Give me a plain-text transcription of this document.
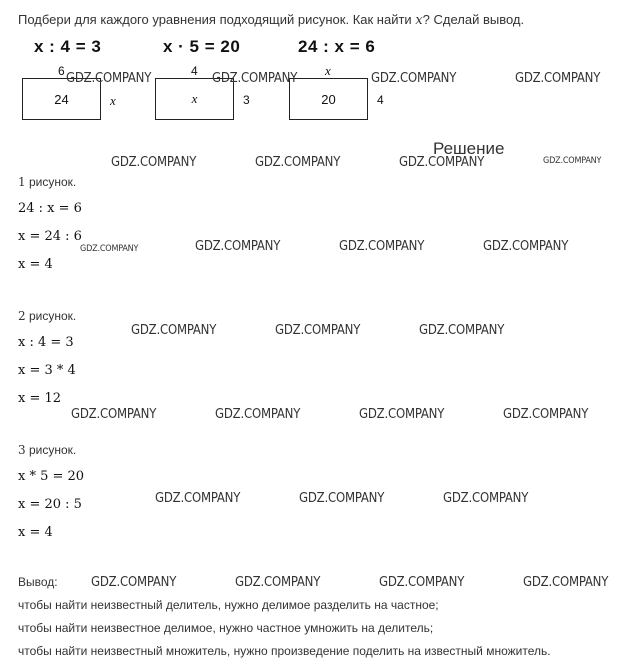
Подбери для каждого уравнения подходящий рисунок. Как найти x? Сделай вывод.
x : 4 = 3	x · 5 = 20	24 : x = 6
6
24	x
4
x	3
x
20	4
Решение
1 рисунок.
24 : x = 6
x = 24 : 6
x = 4
2 рисунок.
x : 4 = 3
x = 3 * 4
x = 12
3 рисунок.
x * 5 = 20
x = 20 : 5
x = 4
Вывод:
чтобы найти неизвестный делитель, нужно делимое разделить на частное;
чтобы найти неизвестное делимое, нужно частное умножить на делитель;
чтобы найти неизвестный множитель, нужно произведение поделить на известный множитель.
GDZ.COMPANY	GDZ.COMPANY	GDZ.COMPANY	GDZ.COMPANY
GDZ.COMPANY	GDZ.COMPANY	GDZ.COMPANY	GDZ.COMPANY
GDZ.COMPANY	GDZ.COMPANY	GDZ.COMPANY	GDZ.COMPANY
GDZ.COMPANY	GDZ.COMPANY	GDZ.COMPANY
GDZ.COMPANY	GDZ.COMPANY	GDZ.COMPANY	GDZ.COMPANY
GDZ.COMPANY	GDZ.COMPANY	GDZ.COMPANY
GDZ.COMPANY	GDZ.COMPANY	GDZ.COMPANY	GDZ.COMPANY
